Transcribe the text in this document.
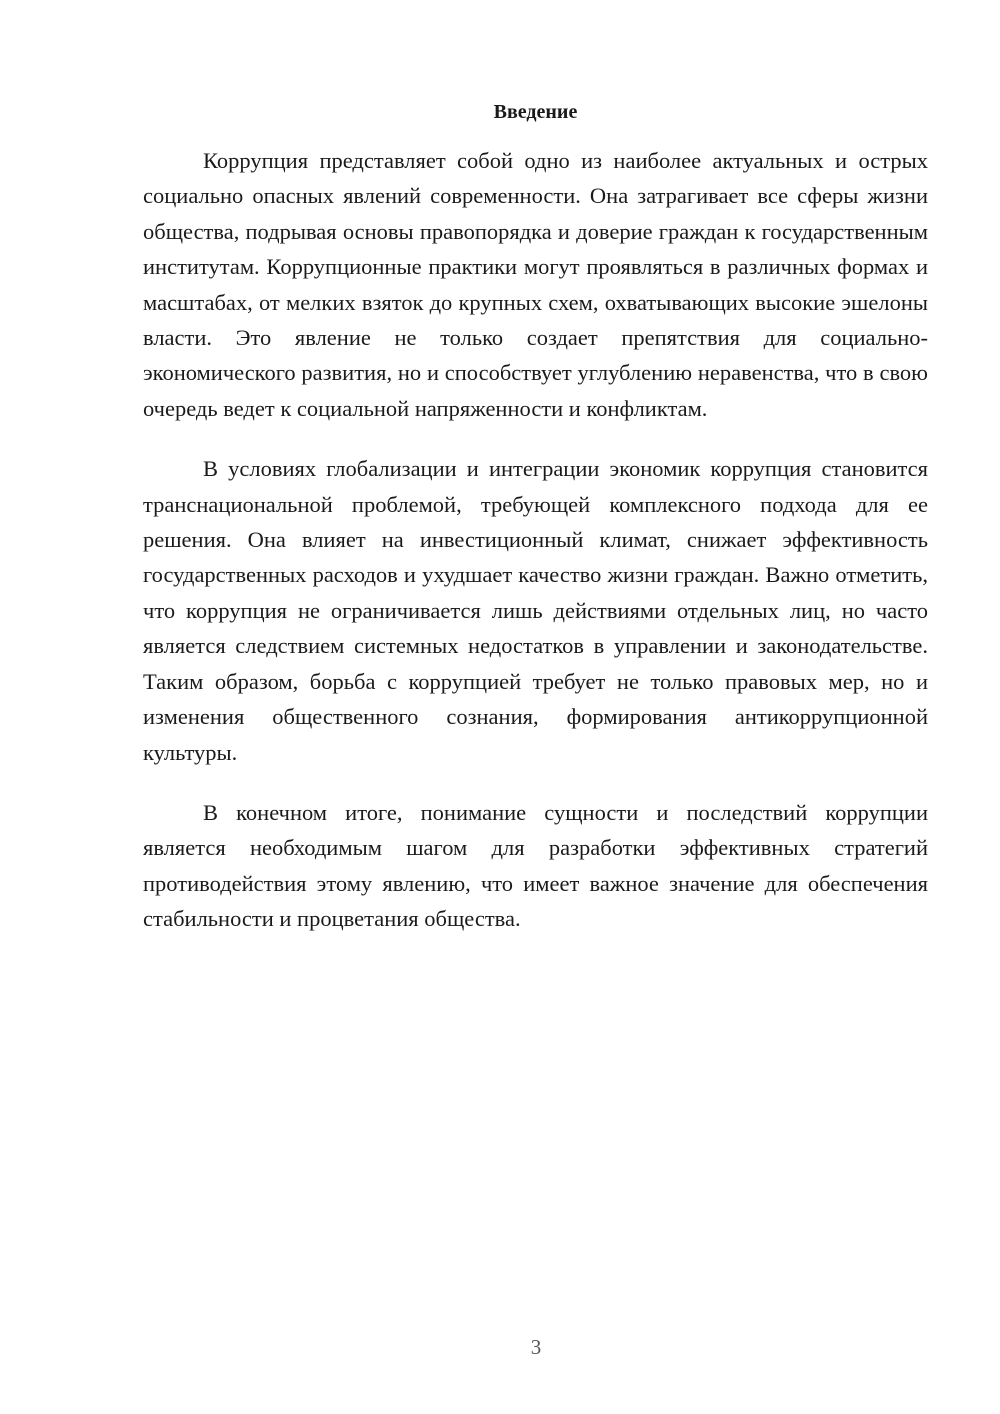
Введение

Коррупция представляет собой одно из наиболее актуальных и острых социально опасных явлений современности. Она затрагивает все сферы жизни общества, подрывая основы правопорядка и доверие граждан к государственным институтам. Коррупционные практики могут проявляться в различных формах и масштабах, от мелких взяток до крупных схем, охватывающих высокие эшелоны власти. Это явление не только создает препятствия для социально-экономического развития, но и способствует углублению неравенства, что в свою очередь ведет к социальной напряженности и конфликтам.

В условиях глобализации и интеграции экономик коррупция становится транснациональной проблемой, требующей комплексного подхода для ее решения. Она влияет на инвестиционный климат, снижает эффективность государственных расходов и ухудшает качество жизни граждан. Важно отметить, что коррупция не ограничивается лишь действиями отдельных лиц, но часто является следствием системных недостатков в управлении и законодательстве. Таким образом, борьба с коррупцией требует не только правовых мер, но и изменения общественного сознания, формирования антикоррупционной культуры.

В конечном итоге, понимание сущности и последствий коррупции является необходимым шагом для разработки эффективных стратегий противодействия этому явлению, что имеет важное значение для обеспечения стабильности и процветания общества.

3
